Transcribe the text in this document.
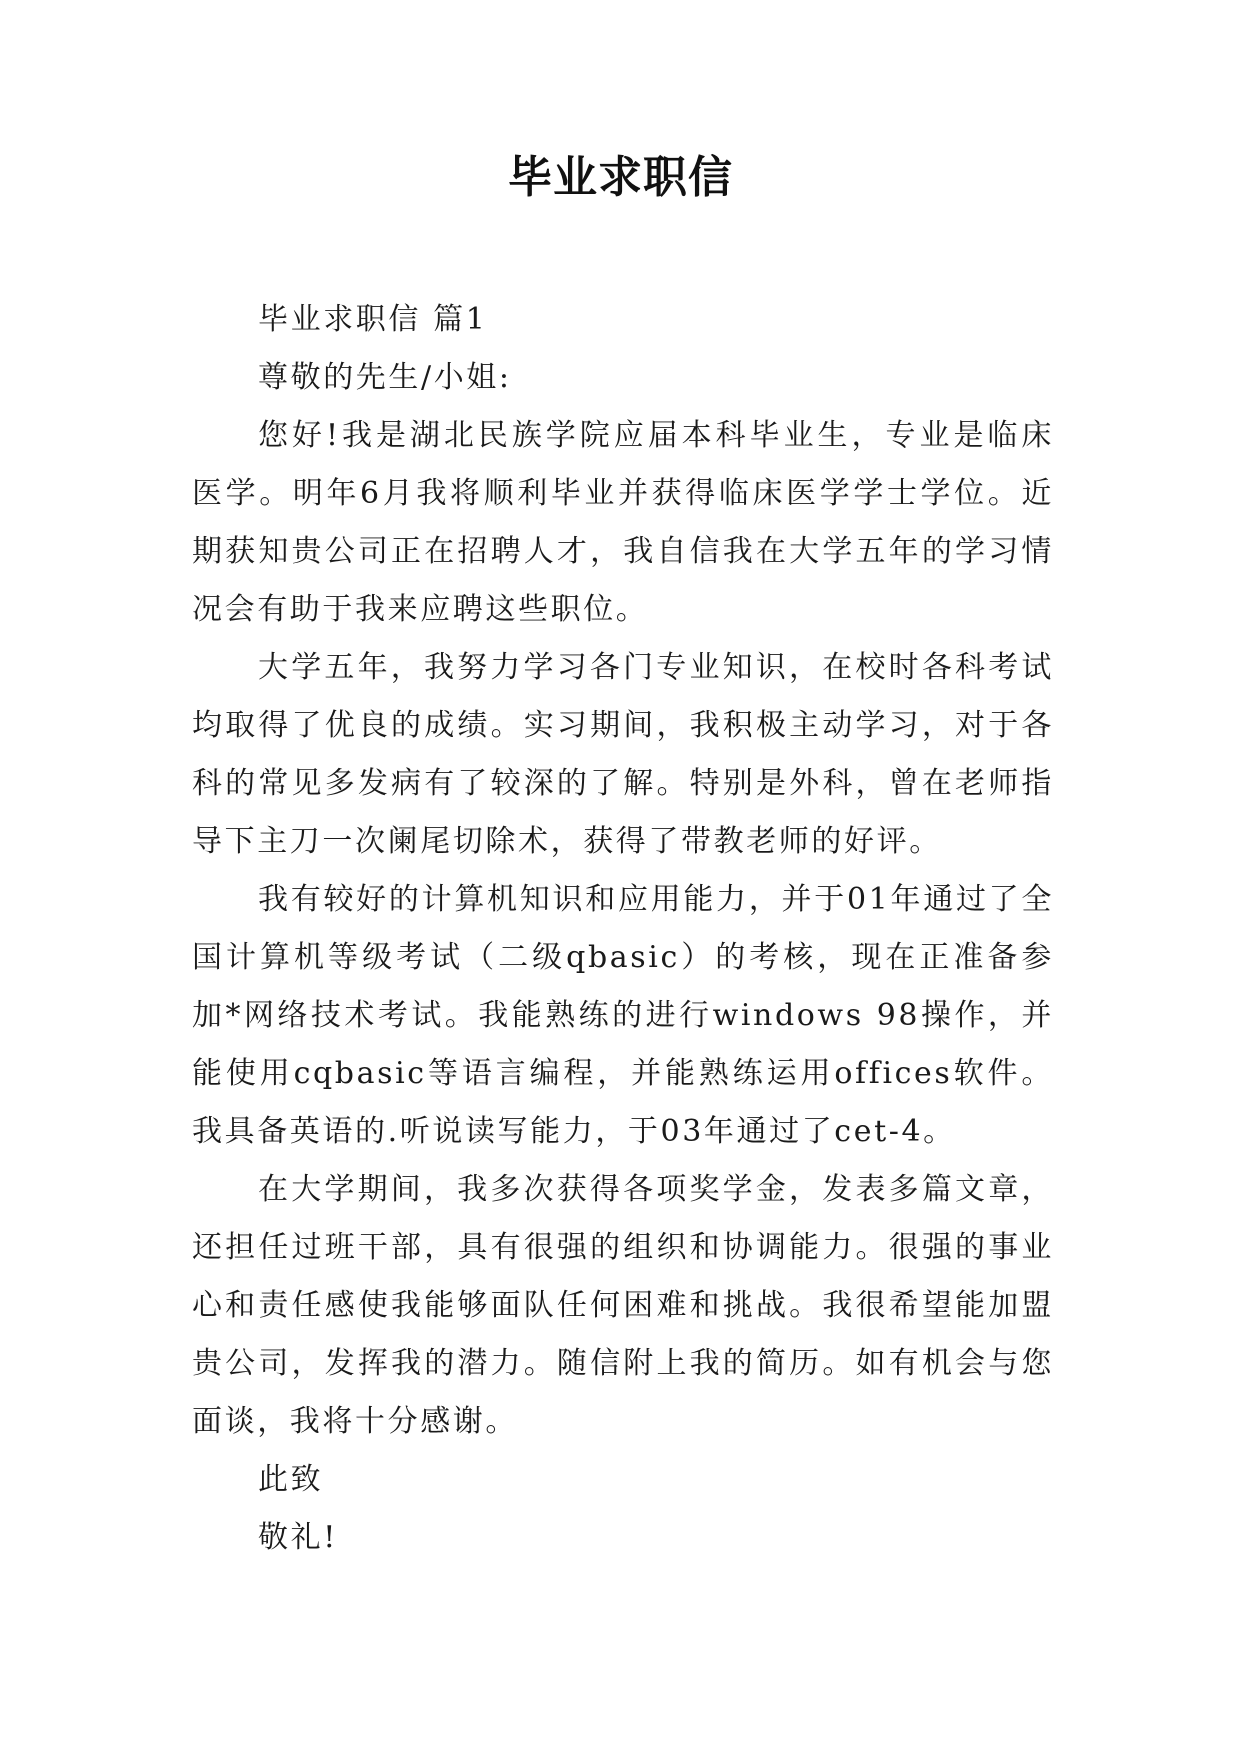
毕业求职信

毕业求职信 篇1

尊敬的先生/小姐:

您好!我是湖北民族学院应届本科毕业生，专业是临床医学。明年6月我将顺利毕业并获得临床医学学士学位。近期获知贵公司正在招聘人才，我自信我在大学五年的学习情况会有助于我来应聘这些职位。

大学五年，我努力学习各门专业知识，在校时各科考试均取得了优良的成绩。实习期间，我积极主动学习，对于各科的常见多发病有了较深的了解。特别是外科，曾在老师指导下主刀一次阑尾切除术，获得了带教老师的好评。

我有较好的计算机知识和应用能力，并于01年通过了全国计算机等级考试（二级qbasic）的考核，现在正准备参加*网络技术考试。我能熟练的进行windows 98操作，并能使用cqbasic等语言编程，并能熟练运用offices软件。我具备英语的.听说读写能力，于03年通过了cet-4。

在大学期间，我多次获得各项奖学金，发表多篇文章，还担任过班干部，具有很强的组织和协调能力。很强的事业心和责任感使我能够面队任何困难和挑战。我很希望能加盟贵公司，发挥我的潜力。随信附上我的简历。如有机会与您面谈，我将十分感谢。

此致

敬礼!
